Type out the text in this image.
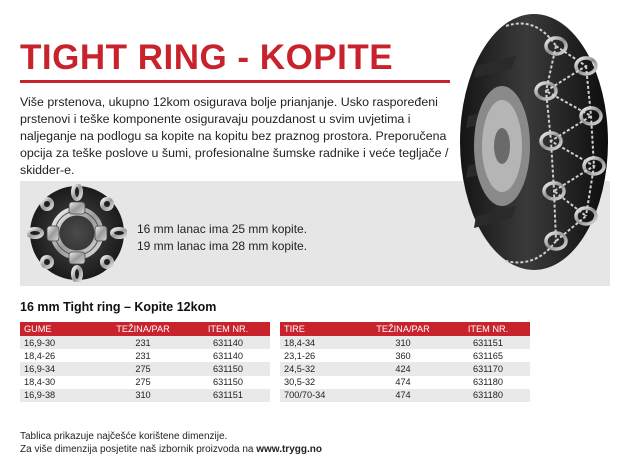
TIGHT RING - KOPITE

Više prstenova, ukupno 12kom osigurava bolje prianjanje. Usko raspoređeni prstenovi i teške komponente osiguravaju pouzdanost u svim uvjetima i naljeganje na podlogu sa kopite na kopitu bez praznog prostora. Preporučena opcija za teške poslove u šumi, profesionalne šumske radnike i veće tegljače / skidder-e.

16 mm lanac ima 25 mm kopite.
19 mm lanac ima 28 mm kopite.
16 mm Tight ring – Kopite 12kom
GUME	TEŽINA/PAR	ITEM NR.
16,9-30	231	631140
18,4-26	231	631140
16,9-34	275	631150
18,4-30	275	631150
16,9-38	310	631151
TIRE	TEŽINA/PAR	ITEM NR.
18,4-34	310	631151
23,1-26	360	631165
24,5-32	424	631170
30,5-32	474	631180
700/70-34	474	631180
Tablica prikazuje najčešće korištene dimenzije.
Za više dimenzija posjetite naš izbornik proizvoda na www.trygg.no
